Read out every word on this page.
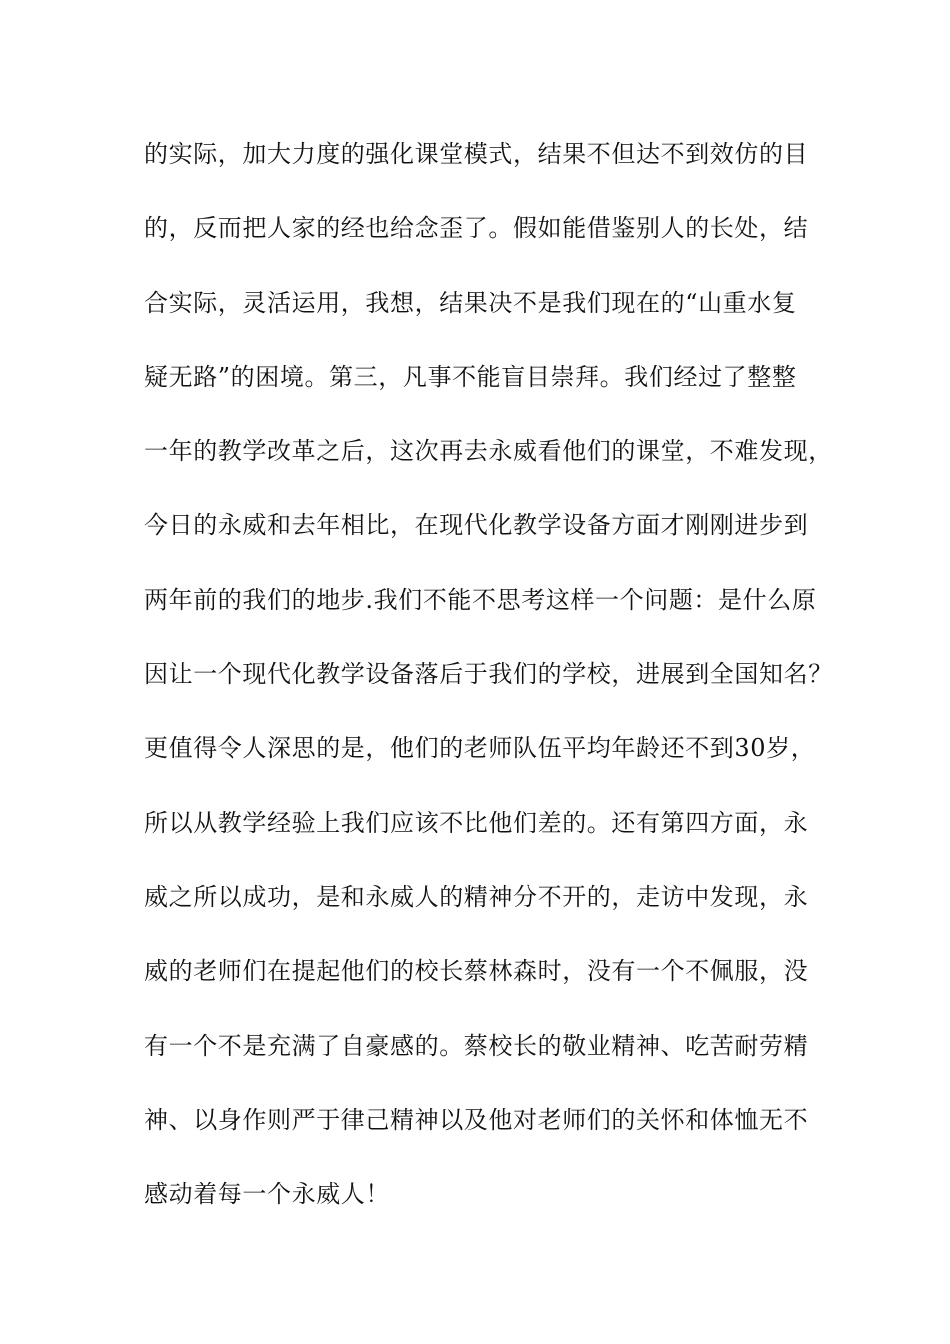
的实际，加大力度的强化课堂模式，结果不但达不到效仿的目
的，反而把人家的经也给念歪了。假如能借鉴别人的长处，结
合实际，灵活运用，我想，结果决不是我们现在的“山重水复
疑无路”的困境。第三，凡事不能盲目崇拜。我们经过了整整
一年的教学改革之后，这次再去永威看他们的课堂，不难发现，
今日的永威和去年相比，在现代化教学设备方面才刚刚进步到
两年前的我们的地步.我们不能不思考这样一个问题：是什么原
因让一个现代化教学设备落后于我们的学校，进展到全国知名？
更值得令人深思的是，他们的老师队伍平均年龄还不到30岁，
所以从教学经验上我们应该不比他们差的。还有第四方面，永
威之所以成功，是和永威人的精神分不开的，走访中发现，永
威的老师们在提起他们的校长蔡林森时，没有一个不佩服，没
有一个不是充满了自豪感的。蔡校长的敬业精神、吃苦耐劳精
神、以身作则严于律己精神以及他对老师们的关怀和体恤无不
感动着每一个永威人！
